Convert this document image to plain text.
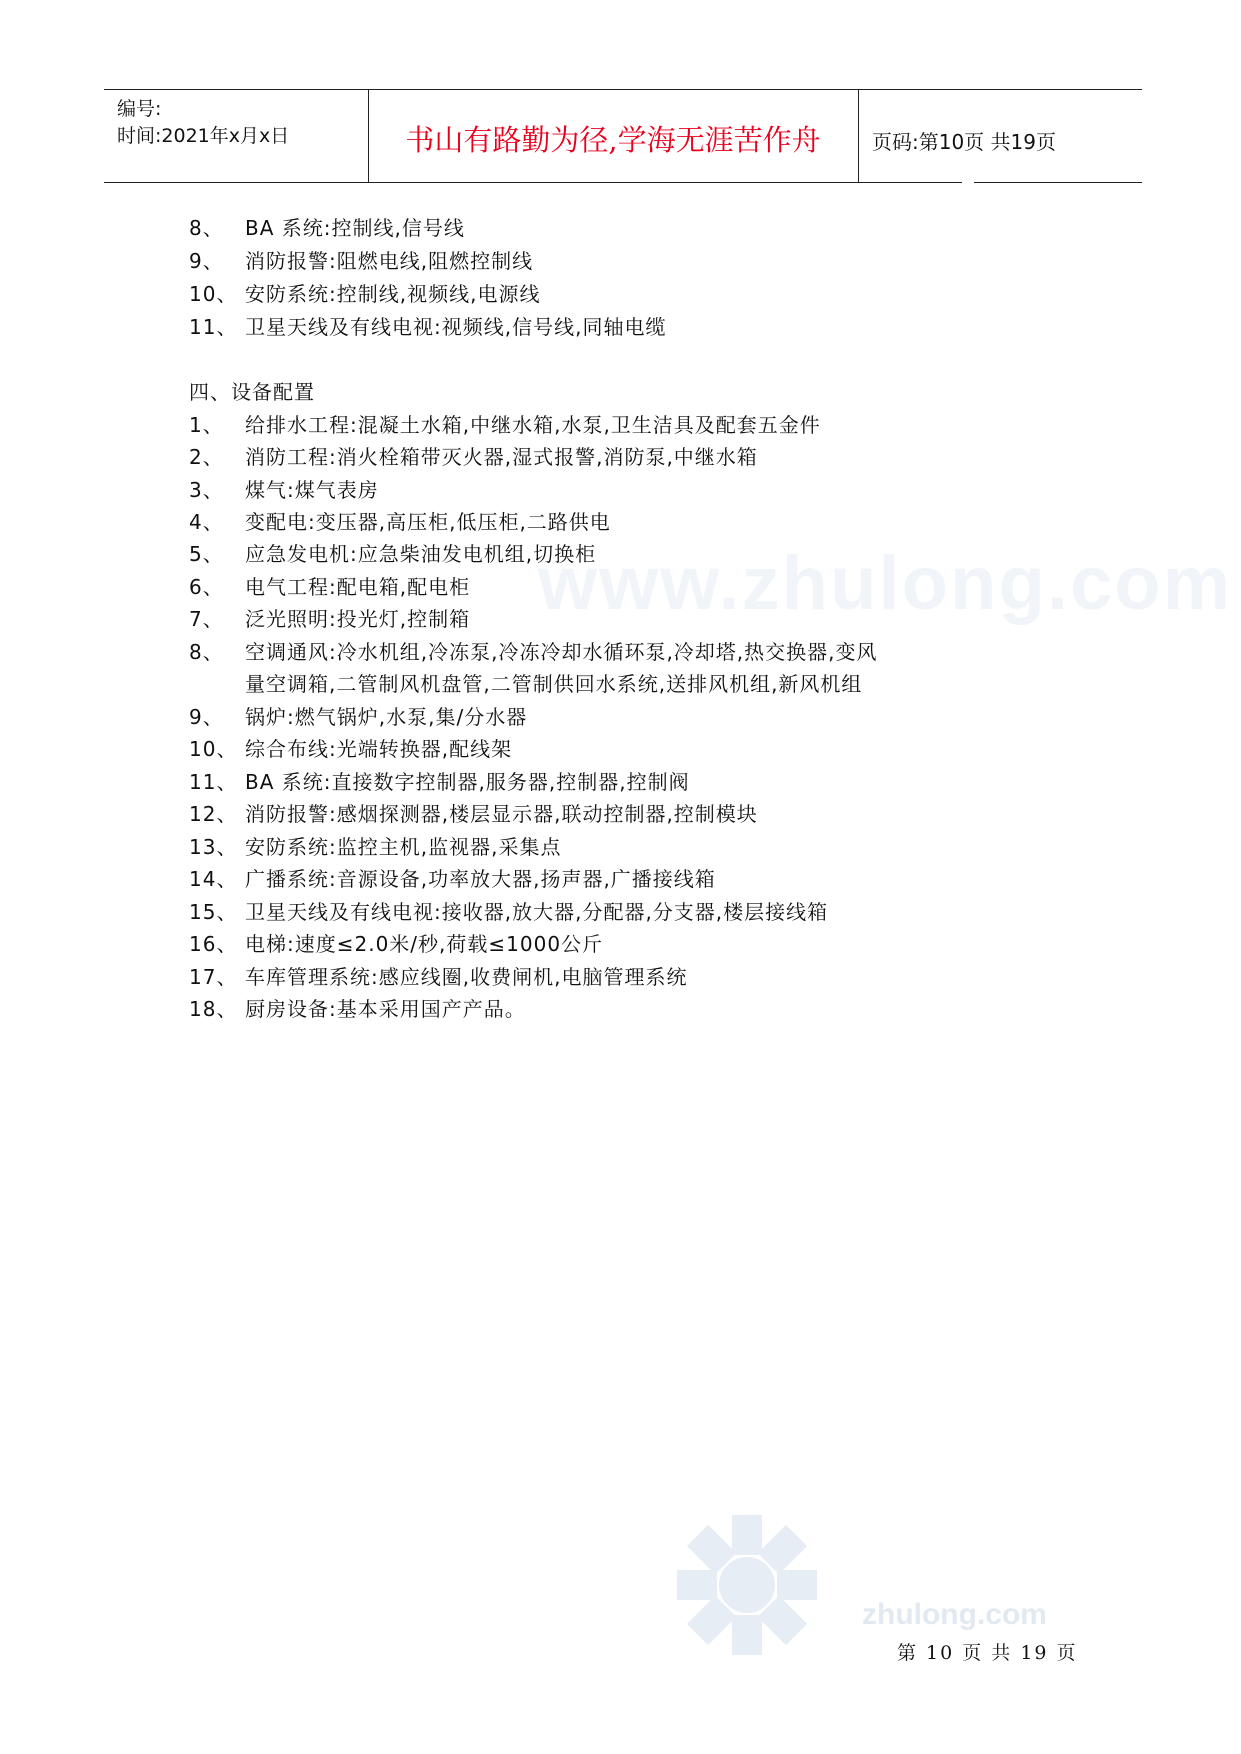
编号:
时间:2021年x月x日	书山有路勤为径,学海无涯苦作舟	页码:第10页 共19页
www.zhulong.com
8、 BA 系统:控制线,信号线
9、 消防报警:阻燃电线,阻燃控制线
10、 安防系统:控制线,视频线,电源线
11、 卫星天线及有线电视:视频线,信号线,同轴电缆
四、设备配置
1、 给排水工程:混凝土水箱,中继水箱,水泵,卫生洁具及配套五金件
2、 消防工程:消火栓箱带灭火器,湿式报警,消防泵,中继水箱
3、 煤气:煤气表房
4、 变配电:变压器,高压柜,低压柜,二路供电
5、 应急发电机:应急柴油发电机组,切换柜
6、 电气工程:配电箱,配电柜
7、 泛光照明:投光灯,控制箱
8、 空调通风:冷水机组,冷冻泵,冷冻冷却水循环泵,冷却塔,热交换器,变风
量空调箱,二管制风机盘管,二管制供回水系统,送排风机组,新风机组
9、 锅炉:燃气锅炉,水泵,集/分水器
10、 综合布线:光端转换器,配线架
11、 BA 系统:直接数字控制器,服务器,控制器,控制阀
12、 消防报警:感烟探测器,楼层显示器,联动控制器,控制模块
13、 安防系统:监控主机,监视器,采集点
14、 广播系统:音源设备,功率放大器,扬声器,广播接线箱
15、 卫星天线及有线电视:接收器,放大器,分配器,分支器,楼层接线箱
16、 电梯:速度≤2.0米/秒,荷载≤1000公斤
17、 车库管理系统:感应线圈,收费闸机,电脑管理系统
18、 厨房设备:基本采用国产产品。
zhulong.com
第 10 页 共 19 页
